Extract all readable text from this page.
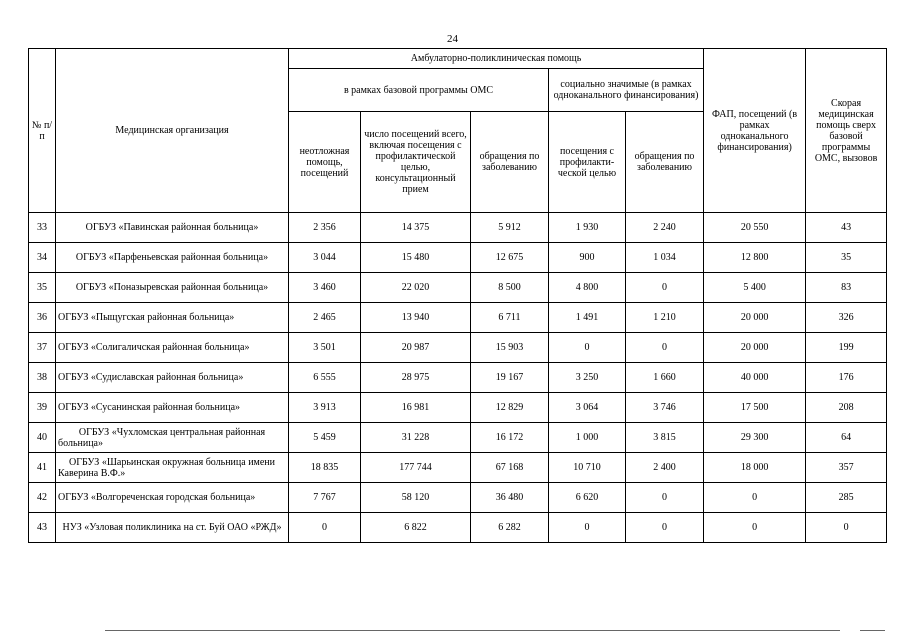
24
№ п/п	Медицинская организация	Амбулаторно-поликлиническая помощь					ФАП, посещений (в рамках одноканального финансирования)	Скорая медицинская помощь сверх базовой программы ОМС, вызовов
		в рамках базовой программы ОМС			социально значимые (в рамках одноканального финансирования)			
		неотложная помощь, посещений	число посещений всего, включая посещения с профилактической целью, консультационный прием	обращения по заболеванию	посещения с профилакти-ческой целью	обращения по заболеванию		
33	ОГБУЗ «Павинская районная больница»	2 356	14 375	5 912	1 930	2 240	20 550	43
34	ОГБУЗ «Парфеньевская районная больница»	3 044	15 480	12 675	900	1 034	12 800	35
35	ОГБУЗ «Поназыревская районная больница»	3 460	22 020	8 500	4 800	0	5 400	83
36	ОГБУЗ «Пыщугская районная больница»	2 465	13 940	6 711	1 491	1 210	20 000	326
37	ОГБУЗ «Солигаличская районная больница»	3 501	20 987	15 903	0	0	20 000	199
38	ОГБУЗ «Судиславская районная больница»	6 555	28 975	19 167	3 250	1 660	40 000	176
39	ОГБУЗ «Сусанинская районная больница»	3 913	16 981	12 829	3 064	3 746	17 500	208
40	ОГБУЗ «Чухломская центральная районная больница»	5 459	31 228	16 172	1 000	3 815	29 300	64
41	ОГБУЗ «Шарьинская окружная больница имени Каверина В.Ф.»	18 835	177 744	67 168	10 710	2 400	18 000	357
42	ОГБУЗ «Волгореченская городская больница»	7 767	58 120	36 480	6 620	0	0	285
43	НУЗ «Узловая поликлиника на ст. Буй ОАО «РЖД»	0	6 822	6 282	0	0	0	0
